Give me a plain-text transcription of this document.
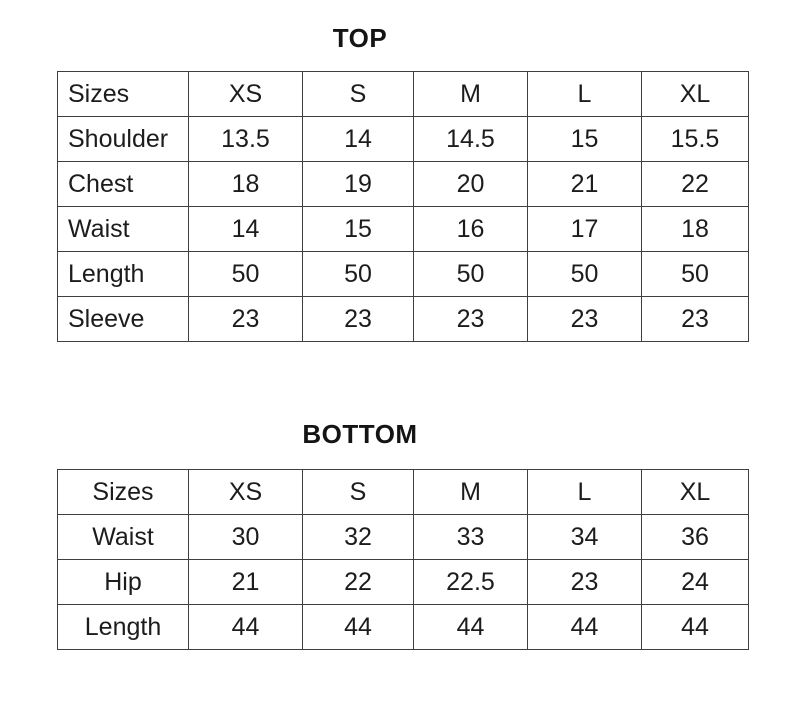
TOP
Sizes	XS	S	M	L	XL
Shoulder	13.5	14	14.5	15	15.5
Chest	18	19	20	21	22
Waist	14	15	16	17	18
Length	50	50	50	50	50
Sleeve	23	23	23	23	23
BOTTOM
Sizes	XS	S	M	L	XL
Waist	30	32	33	34	36
Hip	21	22	22.5	23	24
Length	44	44	44	44	44
